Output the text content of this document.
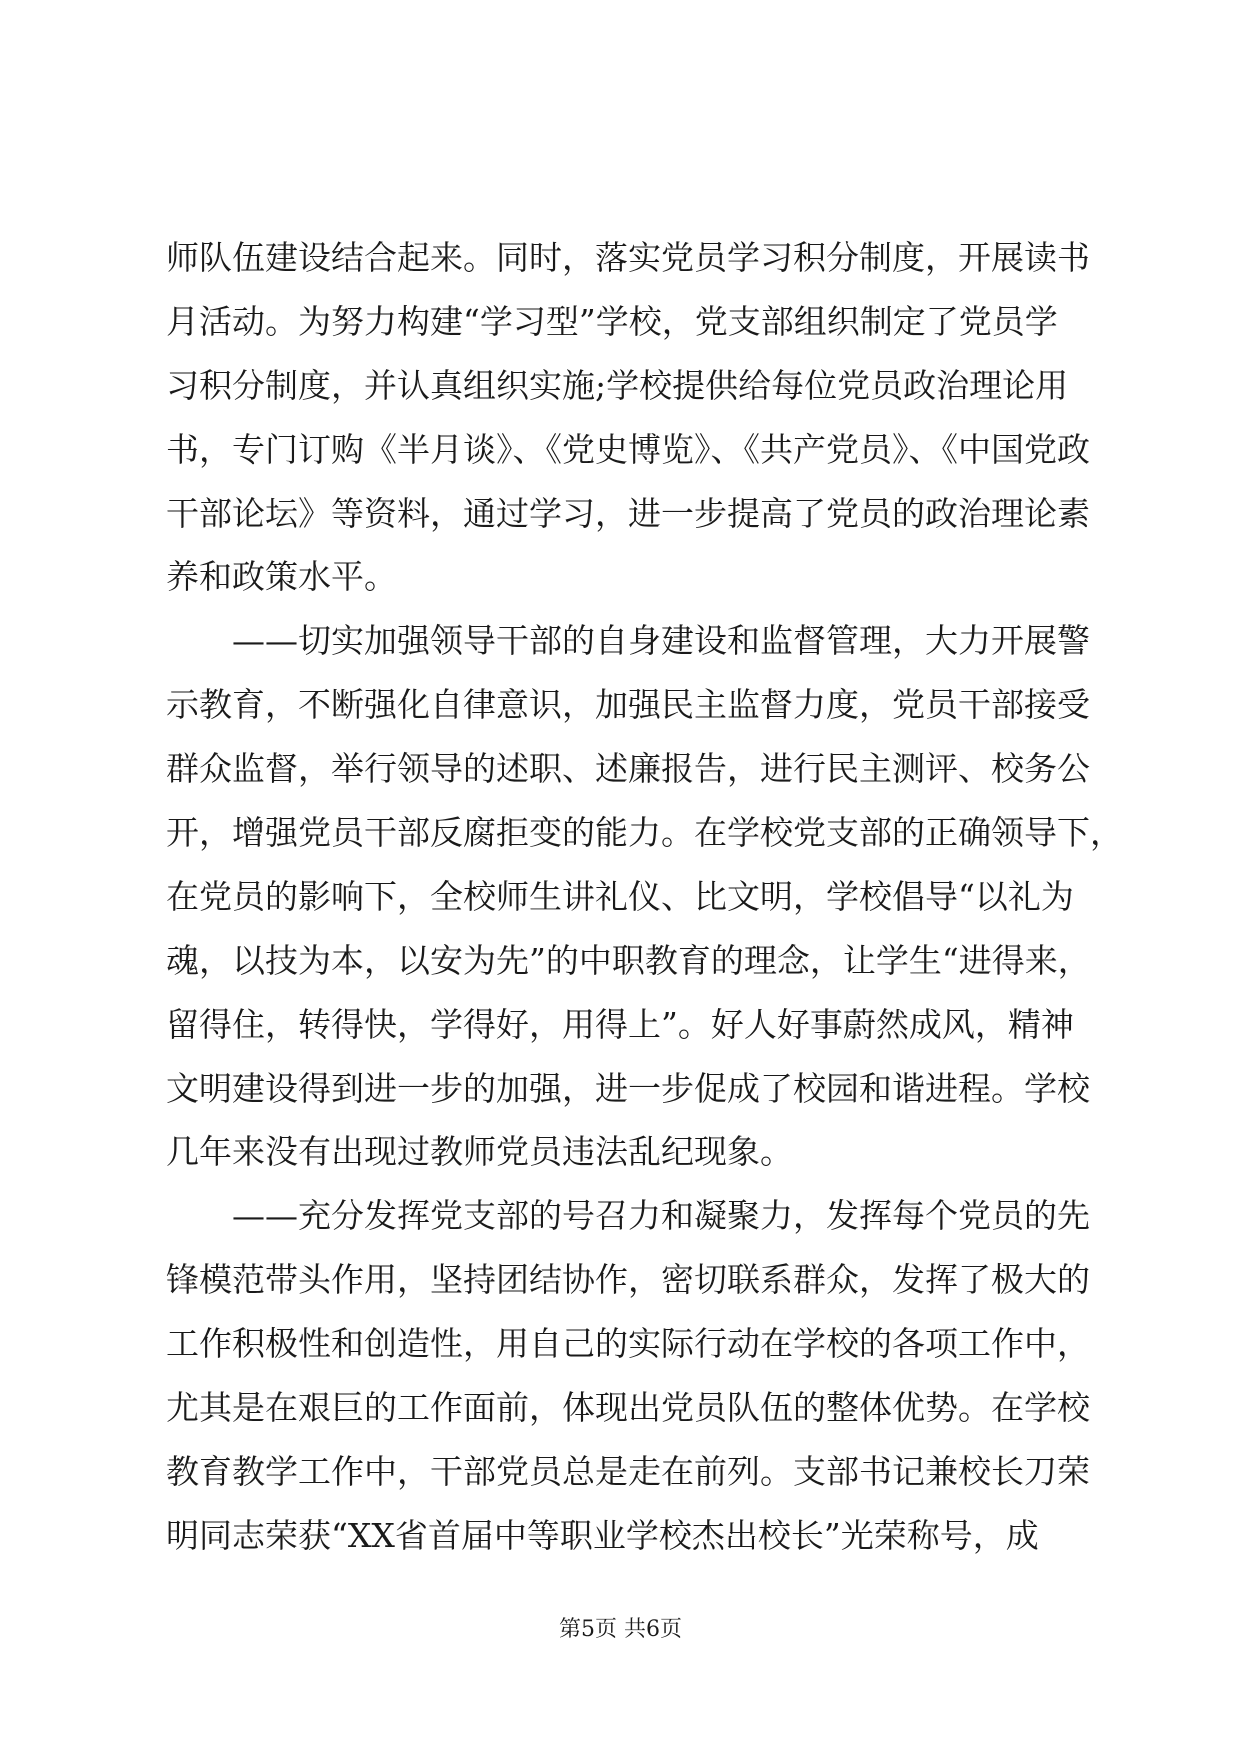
师队伍建设结合起来。同时，落实党员学习积分制度，开展读书
月活动。为努力构建“学习型”学校，党支部组织制定了党员学
习积分制度，并认真组织实施;学校提供给每位党员政治理论用
书，专门订购《半月谈》、《党史博览》、《共产党员》、《中国党政
干部论坛》等资料，通过学习，进一步提高了党员的政治理论素
养和政策水平。
　　——切实加强领导干部的自身建设和监督管理，大力开展警
示教育，不断强化自律意识，加强民主监督力度，党员干部接受
群众监督，举行领导的述职、述廉报告，进行民主测评、校务公
开，增强党员干部反腐拒变的能力。在学校党支部的正确领导下，
在党员的影响下，全校师生讲礼仪、比文明，学校倡导“以礼为
魂，以技为本，以安为先”的中职教育的理念，让学生“进得来，
留得住，转得快，学得好，用得上”。好人好事蔚然成风，精神
文明建设得到进一步的加强，进一步促成了校园和谐进程。学校
几年来没有出现过教师党员违法乱纪现象。
　　——充分发挥党支部的号召力和凝聚力，发挥每个党员的先
锋模范带头作用，坚持团结协作，密切联系群众，发挥了极大的
工作积极性和创造性，用自己的实际行动在学校的各项工作中，
尤其是在艰巨的工作面前，体现出党员队伍的整体优势。在学校
教育教学工作中，干部党员总是走在前列。支部书记兼校长刀荣
明同志荣获“XX省首届中等职业学校杰出校长”光荣称号，成
第5页 共6页
